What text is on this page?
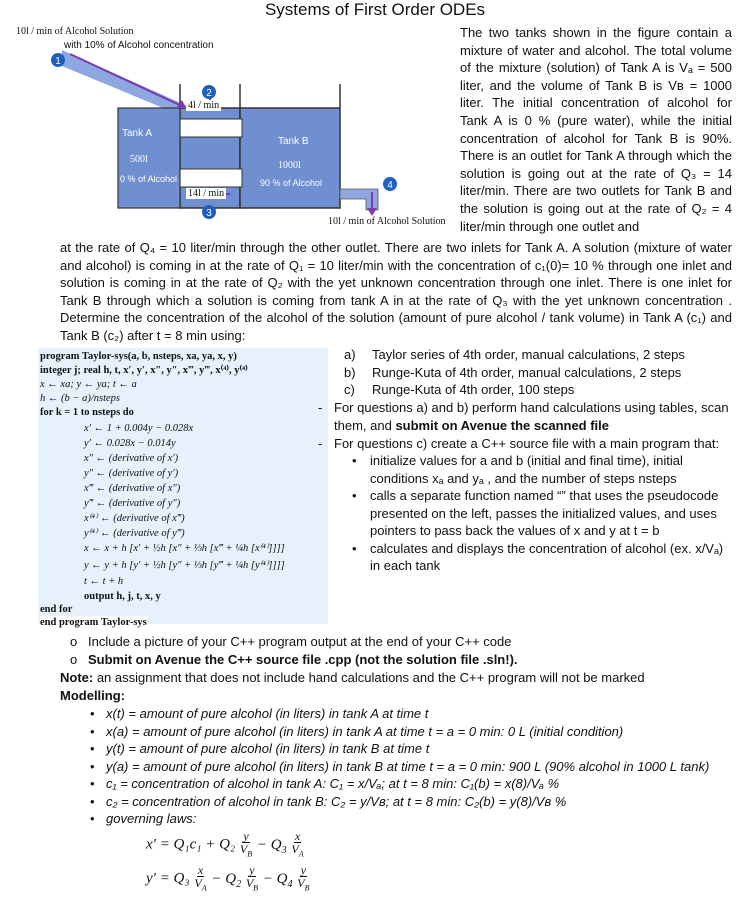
Systems of First Order ODEs
1
2
3
4
10l / min of Alcohol Solution
with 10% of Alcohol concentration
4l / min
Tank A
500l
0 % of Alcohol
Tank B
1000l
90 % of Alcohol
14l / min
10l / min of Alcohol Solution
The two tanks shown in the figure contain a mixture of water and alcohol. The total volume of the mixture (solution) of Tank A is Vₐ = 500 liter, and the volume of Tank B is Vʙ = 1000 liter. The initial concentration of alcohol for Tank A is 0 % (pure water), while the initial concentration of alcohol for Tank B is 90%. There is an outlet for Tank A through which the solution is going out at the rate of Q₃ = 14 liter/min. There are two outlets for Tank B and the solution is going out at the rate of Q₂ = 4 liter/min through one outlet and
at the rate of Q₄ = 10 liter/min through the other outlet. There are two inlets for Tank A. A solution (mixture of water and alcohol) is coming in at the rate of Q₁ = 10 liter/min with the concentration of c₁(0)= 10 % through one inlet and solution is coming in at the rate of Q₂ with the yet unknown concentration through one inlet. There is one inlet for Tank B through which a solution is coming from tank A in at the rate of Q₃ with the yet unknown concentration . Determine the concentration of the alcohol of the solution (amount of pure alcohol / tank volume) in Tank A (c₁) and Tank B (c₂) after t = 8 min using:
program Taylor-sys(a, b, nsteps, xa, ya, x, y)
integer j; real h, t, x′, y′, x″, y″, x‴, y‴, x⁽⁴⁾, y⁽⁴⁾
x ← xa; y ← ya; t ← a
h ← (b − a)/nsteps
for k = 1 to nsteps do
x′ ← 1 + 0.004y − 0.028x
y′ ← 0.028x − 0.014y
x″ ← (derivative of x′)
y″ ← (derivative of y′)
x‴ ← (derivative of x″)
y‴ ← (derivative of y″)
x⁽⁴⁾ ← (derivative of x‴)
y⁽⁴⁾ ← (derivative of y‴)
x ← x + h [x′ + ½h [x″ + ⅓h [x‴ + ¼h [x⁽⁴⁾]]]]
y ← y + h [y′ + ½h [y″ + ⅓h [y‴ + ¼h [y⁽⁴⁾]]]]
t ← t + h
output h, j, t, x, y
end for
end program Taylor-sys
a)	Taylor series of 4th order, manual calculations, 2 steps
b)	Runge-Kuta of 4th order, manual calculations, 2 steps
c)	Runge-Kuta of 4th order, 100 steps
- For questions a) and b) perform hand calculations using tables, scan them, and submit on Avenue the scanned file
- For questions c) create a C++ source file with a main program that:
•	initialize values for a and b (initial and final time), initial conditions xₐ and yₐ , and the number of steps nsteps
•	calls a separate function named “” that uses the pseudocode presented on the left, passes the initialized values, and uses pointers to pass back the values of x and y at t = b
•	calculates and displays the concentration of alcohol (ex. x/Vₐ) in each tank
o Include a picture of your C++ program output at the end of your C++ code
o Submit on Avenue the C++ source file .cpp (not the solution file .sln!).
Note: an assignment that does not include hand calculations and the C++ program will not be marked
Modelling:
• x(t) = amount of pure alcohol (in liters) in tank A at time t
• x(a) = amount of pure alcohol (in liters) in tank A at time t = a = 0 min: 0 L (initial condition)
• y(t) = amount of pure alcohol (in liters) in tank B at time t
• y(a) = amount of pure alcohol (in liters) in tank B at time t = a = 0 min: 900 L (90% alcohol in 1000 L tank)
• c₁ = concentration of alcohol in tank A: C₁ = x/Vₐ; at t = 8 min: C₁(b) = x(8)/Vₐ %
• c₂ = concentration of alcohol in tank B: C₂ = y/Vʙ; at t = 8 min: C₂(b) = y(8)/Vʙ %
• governing laws:
$x' = Q_1c_1 + Q_2 \frac{y}{V_B} - Q_3 \frac{x}{V_A}$
$y' = Q_3 \frac{x}{V_A} - Q_2 \frac{y}{V_B} - Q_4 \frac{y}{V_B}$
